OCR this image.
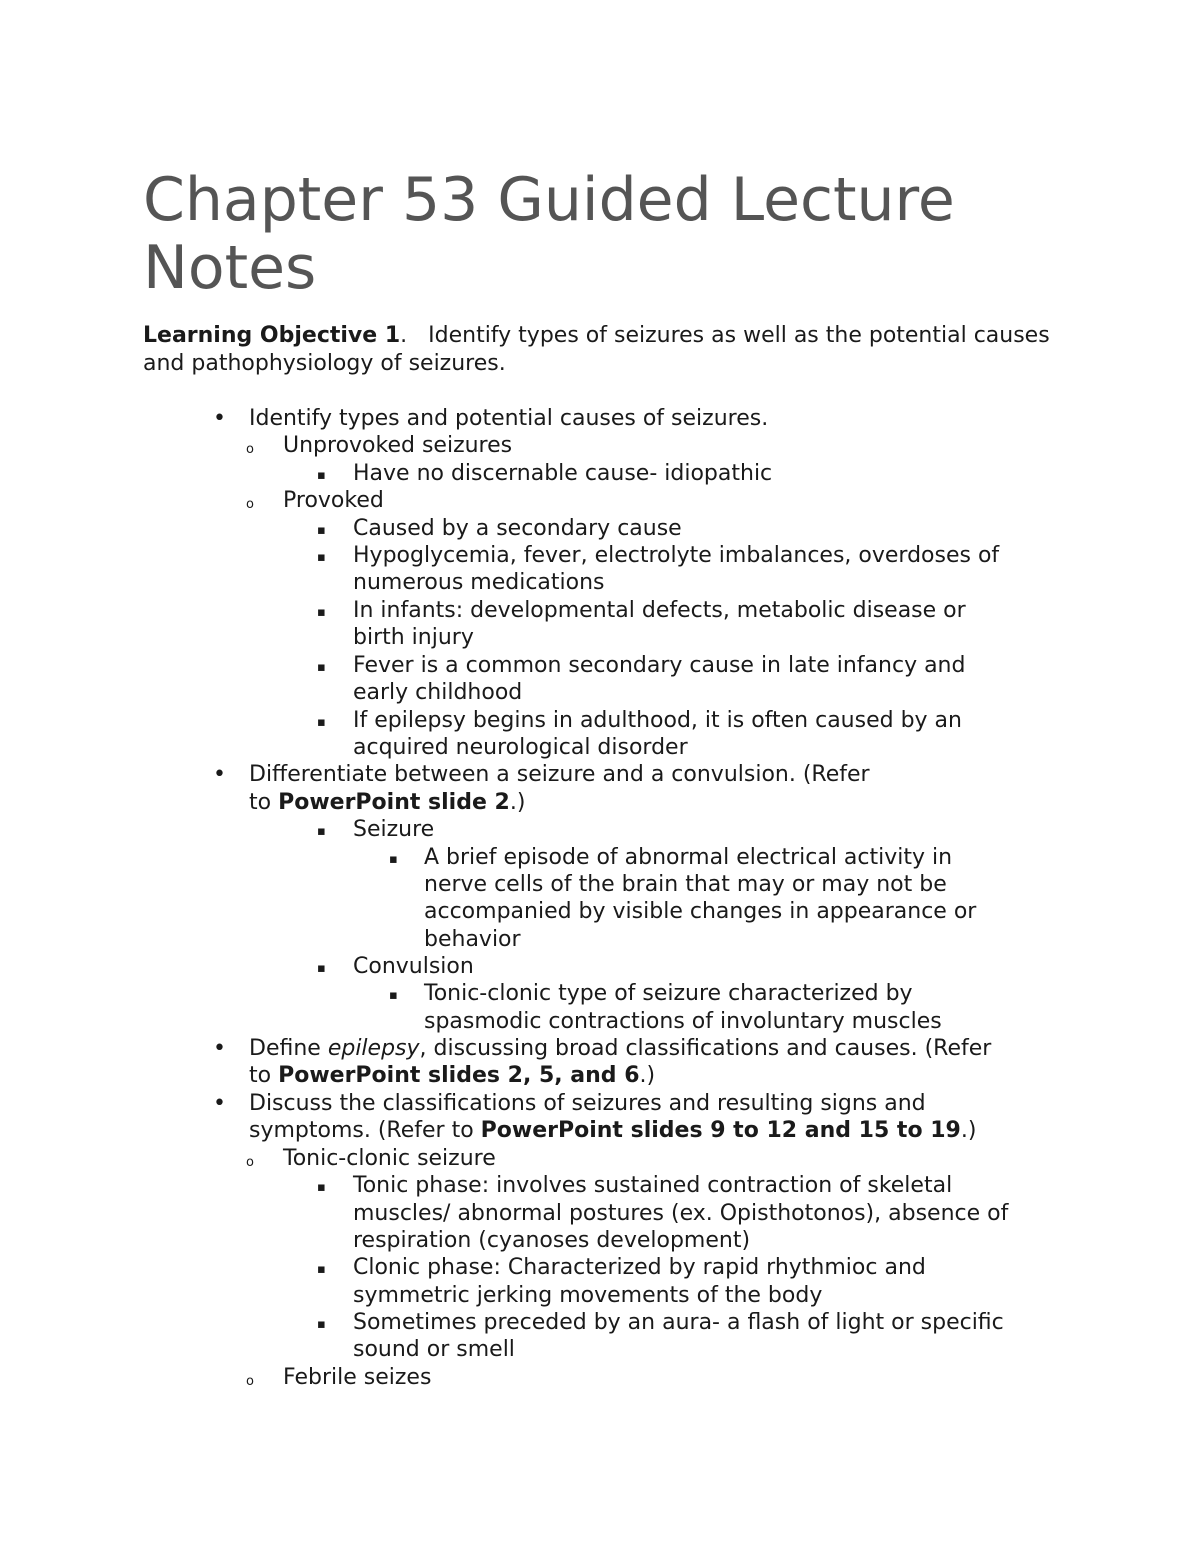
Chapter 53 Guided Lecture Notes

Learning Objective 1. Identify types of seizures as well as the potential causes and pathophysiology of seizures.

• Identify types and potential causes of seizures.
o Unprovoked seizures
▪ Have no discernable cause- idiopathic
o Provoked
▪ Caused by a secondary cause
▪ Hypoglycemia, fever, electrolyte imbalances, overdoses of
numerous medications
▪ In infants: developmental defects, metabolic disease or
birth injury
▪ Fever is a common secondary cause in late infancy and
early childhood
▪ If epilepsy begins in adulthood, it is often caused by an
acquired neurological disorder
• Differentiate between a seizure and a convulsion. (Refer
to PowerPoint slide 2.)
▪ Seizure
▪ A brief episode of abnormal electrical activity in
nerve cells of the brain that may or may not be
accompanied by visible changes in appearance or
behavior
▪ Convulsion
▪ Tonic-clonic type of seizure characterized by
spasmodic contractions of involuntary muscles
• Define epilepsy, discussing broad classifications and causes. (Refer
to PowerPoint slides 2, 5, and 6.)
• Discuss the classifications of seizures and resulting signs and
symptoms. (Refer to PowerPoint slides 9 to 12 and 15 to 19.)
o Tonic-clonic seizure
▪ Tonic phase: involves sustained contraction of skeletal
muscles/ abnormal postures (ex. Opisthotonos), absence of
respiration (cyanoses development)
▪ Clonic phase: Characterized by rapid rhythmioc and
symmetric jerking movements of the body
▪ Sometimes preceded by an aura- a flash of light or specific
sound or smell
o Febrile seizes
